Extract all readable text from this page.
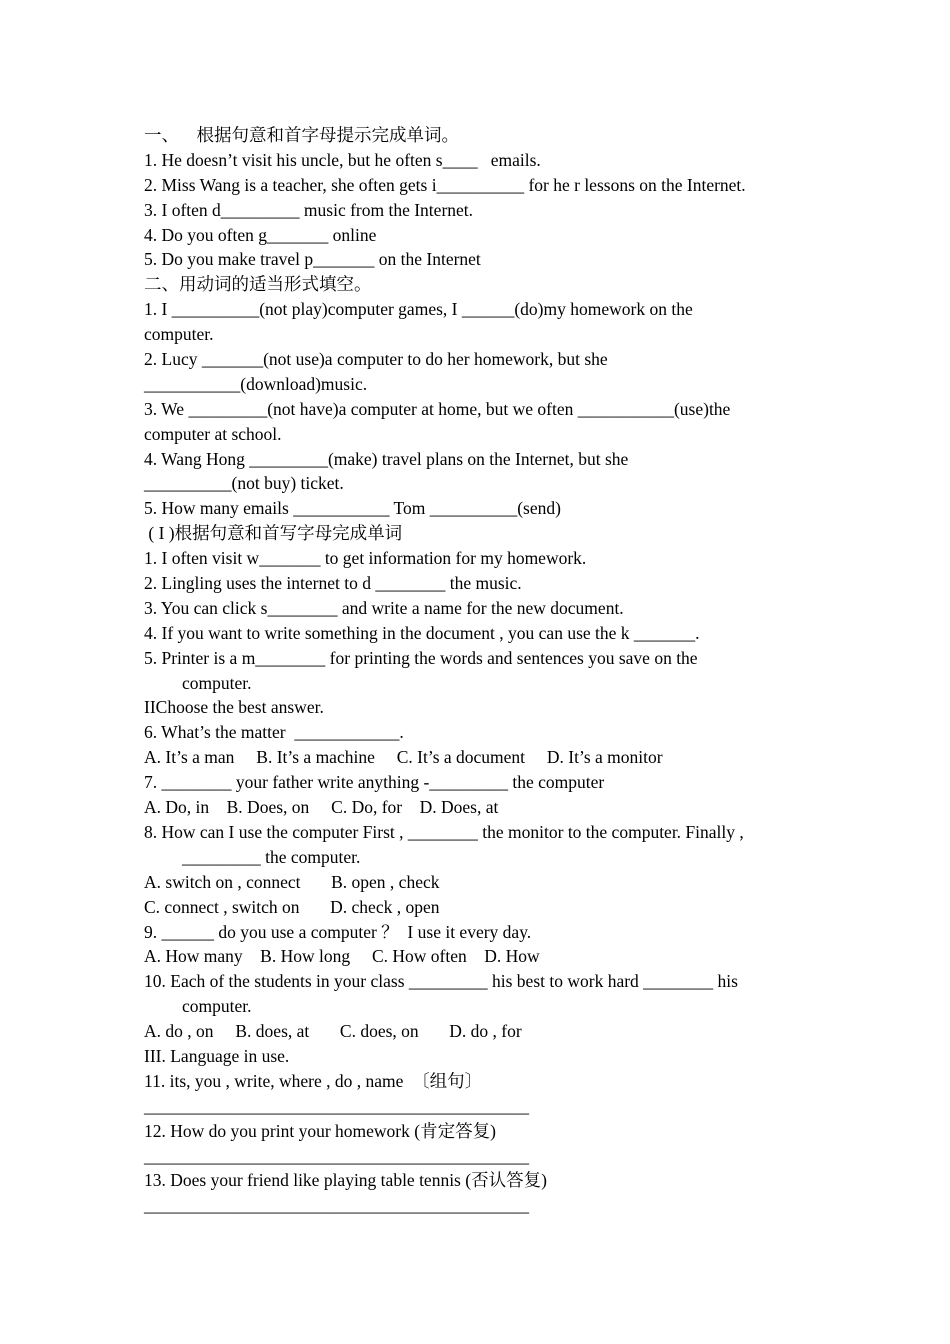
一、    根据句意和首字母提示完成单词。
1. He doesn’t visit his uncle, but he often s____   emails.
2. Miss Wang is a teacher, she often gets i__________ for he r lessons on the Internet.
3. I often d_________ music from the Internet.
4. Do you often g_______ online
5. Do you make travel p_______ on the Internet
二、用动词的适当形式填空。
1. I __________(not play)computer games, I ______(do)my homework on the
computer.
2. Lucy _______(not use)a computer to do her homework, but she
___________(download)music.
3. We _________(not have)a computer at home, but we often ___________(use)the
computer at school.
4. Wang Hong _________(make) travel plans on the Internet, but she
__________(not buy) ticket.
5. How many emails ___________ Tom __________(send)
( I )根据句意和首写字母完成单词
1. I often visit w_______ to get information for my homework.
2. Lingling uses the internet to d ________ the music.
3. You can click s________ and write a name for the new document.
4. If you want to write something in the document , you can use the k _______.
5. Printer is a m________ for printing the words and sentences you save on the
computer.
IIChoose the best answer.
6. What’s the matter  ____________.
A. It’s a man     B. It’s a machine     C. It’s a document     D. It’s a monitor
7. ________ your father write anything -_________ the computer
A. Do, in    B. Does, on     C. Do, for    D. Does, at
8. How can I use the computer First , ________ the monitor to the computer. Finally ,
_________ the computer.
A. switch on , connect       B. open , check
C. connect , switch on       D. check , open
9. ______ do you use a computer ？  I use it every day.
A. How many    B. How long     C. How often    D. How
10. Each of the students in your class _________ his best to work hard ________ his
computer.
A. do , on     B. does, at       C. does, on       D. do , for
III. Language in use.
11. its, you , write, where , do , name  〔组句〕
____________________________________________
12. How do you print your homework (肯定答复)
____________________________________________
13. Does your friend like playing table tennis (否认答复)
____________________________________________
